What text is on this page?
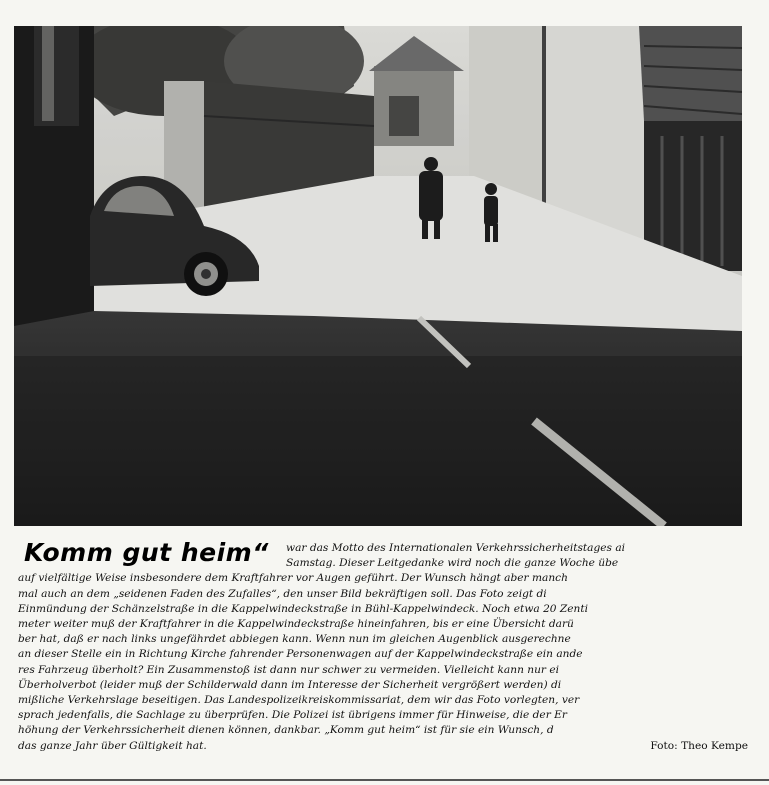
Komm gut heim“	war das Motto des Internationalen Verkehrssicherheitstages ai
Samstag. Dieser Leitgedanke wird noch die ganze Woche übe
auf vielfältige Weise insbesondere dem Kraftfahrer vor Augen geführt. Der Wunsch hängt aber manch
mal auch an dem „seidenen Faden des Zufalles“, den unser Bild bekräftigen soll. Das Foto zeigt di
Einmündung der Schänzelstraße in die Kappelwindeckstraße in Bühl-Kappelwindeck. Noch etwa 20 Zenti
meter weiter muß der Kraftfahrer in die Kappelwindeckstraße hineinfahren, bis er eine Übersicht darü
ber hat, daß er nach links ungefährdet abbiegen kann. Wenn nun im gleichen Augenblick ausgerechne
an dieser Stelle ein in Richtung Kirche fahrender Personenwagen auf der Kappelwindeckstraße ein ande
res Fahrzeug überholt? Ein Zusammenstoß ist dann nur schwer zu vermeiden. Vielleicht kann nur ei
Überholverbot (leider muß der Schilderwald dann im Interesse der Sicherheit vergrößert werden) di
mißliche Verkehrslage beseitigen. Das Landespolizeikreiskommissariat, dem wir das Foto vorlegten, ver
sprach jedenfalls, die Sachlage zu überprüfen. Die Polizei ist übrigens immer für Hinweise, die der Er
höhung der Verkehrssicherheit dienen können, dankbar. „Komm gut heim“ ist für sie ein Wunsch, d
das ganze Jahr über Gültigkeit hat.	Foto: Theo Kempe
